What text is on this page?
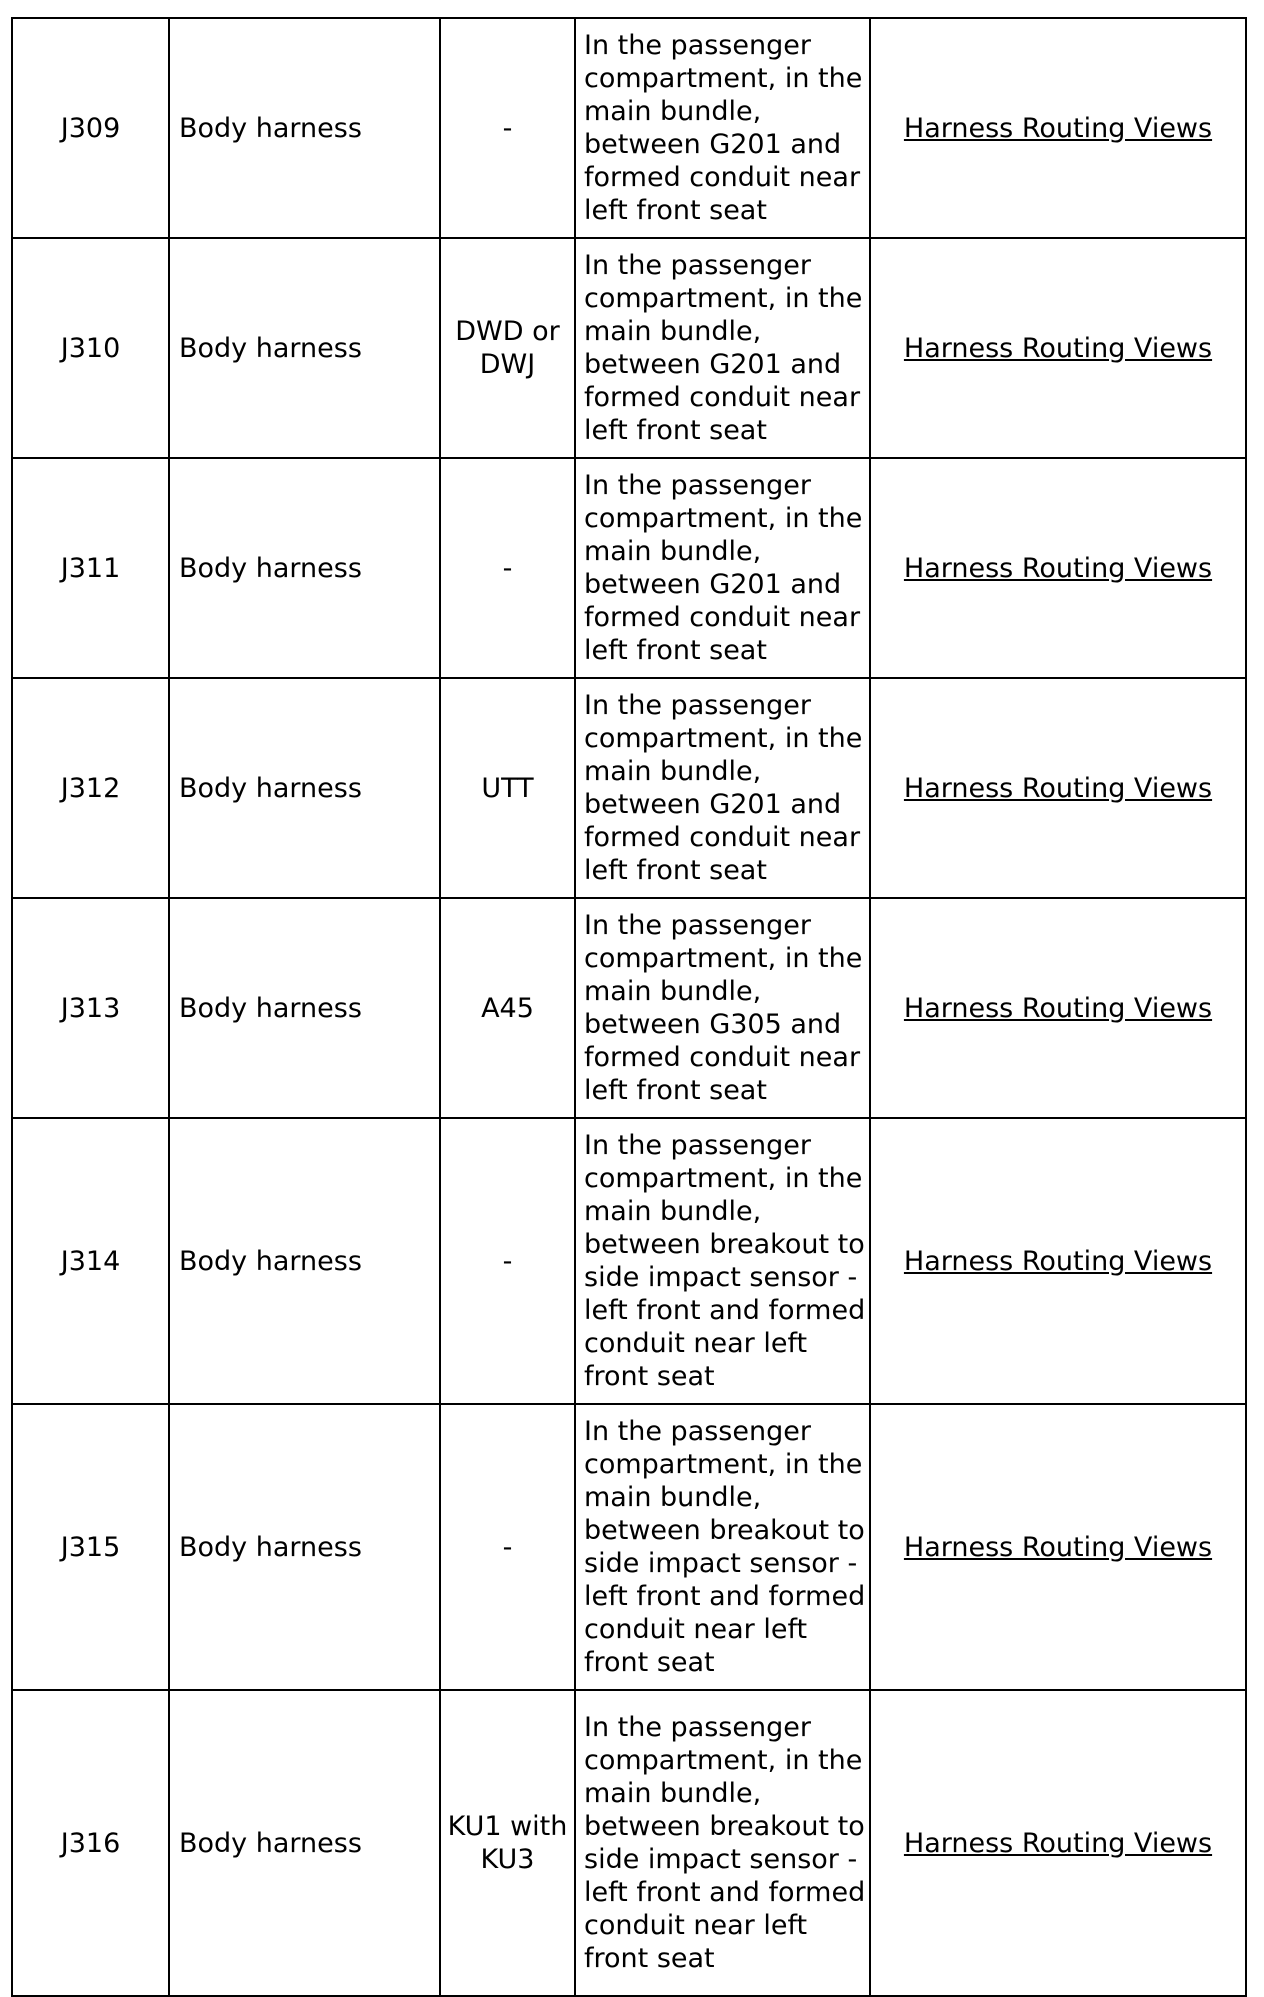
J309	Body harness	-	In the passenger compartment, in the main bundle, between G201 and formed conduit near left front seat	Harness Routing Views
J310	Body harness	DWD or DWJ	In the passenger compartment, in the main bundle, between G201 and formed conduit near left front seat	Harness Routing Views
J311	Body harness	-	In the passenger compartment, in the main bundle, between G201 and formed conduit near left front seat	Harness Routing Views
J312	Body harness	UTT	In the passenger compartment, in the main bundle, between G201 and formed conduit near left front seat	Harness Routing Views
J313	Body harness	A45	In the passenger compartment, in the main bundle, between G305 and formed conduit near left front seat	Harness Routing Views
J314	Body harness	-	In the passenger compartment, in the main bundle, between breakout to side impact sensor - left front and formed conduit near left front seat	Harness Routing Views
J315	Body harness	-	In the passenger compartment, in the main bundle, between breakout to side impact sensor - left front and formed conduit near left front seat	Harness Routing Views
J316	Body harness	KU1 with KU3	In the passenger compartment, in the main bundle, between breakout to side impact sensor - left front and formed conduit near left front seat	Harness Routing Views
